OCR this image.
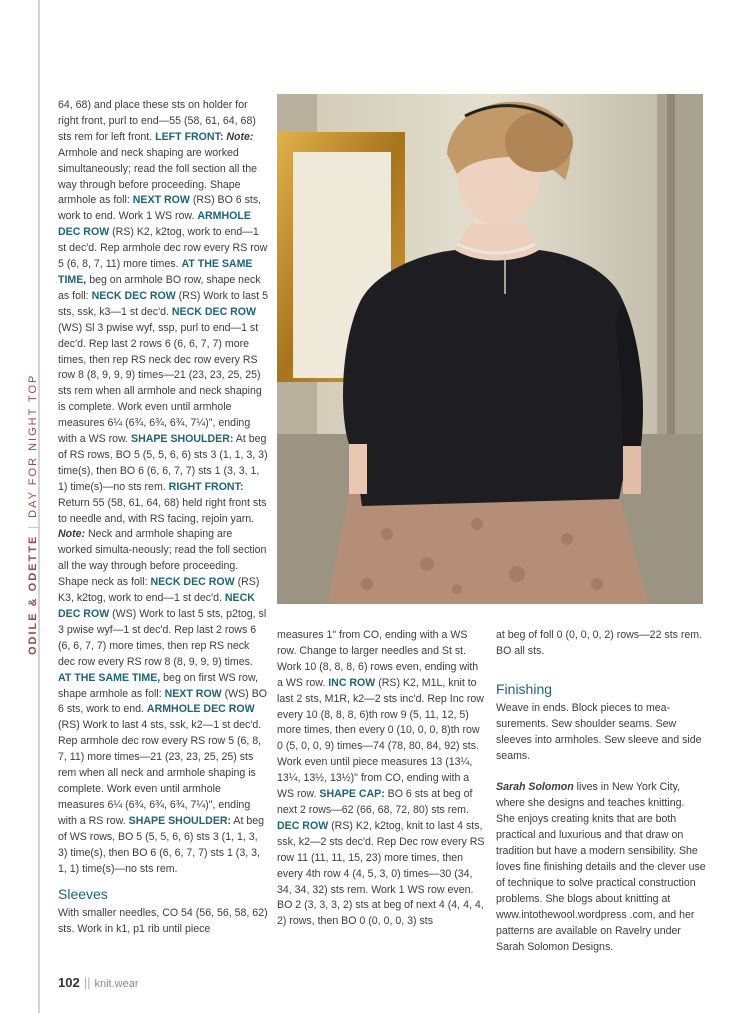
ODILE & ODETTE|DAY FOR NIGHT TOP

64, 68) and place these sts on holder for right front, purl to end—55 (58, 61, 64, 68) sts rem for left front. LEFT FRONT: Note: Armhole and neck shaping are worked simultaneously; read the foll section all the way through before proceeding. Shape armhole as foll: NEXT ROW (RS) BO 6 sts, work to end. Work 1 WS row. ARMHOLE DEC ROW (RS) K2, k2tog, work to end—1 st dec'd. Rep armhole dec row every RS row 5 (6, 8, 7, 11) more times. AT THE SAME TIME, beg on armhole BO row, shape neck as foll: NECK DEC ROW (RS) Work to last 5 sts, ssk, k3—1 st dec'd. NECK DEC ROW (WS) Sl 3 pwise wyf, ssp, purl to end—1 st dec'd. Rep last 2 rows 6 (6, 6, 7, 7) more times, then rep RS neck dec row every RS row 8 (8, 9, 9, 9) times—21 (23, 23, 25, 25) sts rem when all armhole and neck shaping is complete. Work even until armhole measures 6¼ (6¾, 6¾, 6¾, 7¼)", ending with a WS row. SHAPE SHOULDER: At beg of RS rows, BO 5 (5, 5, 6, 6) sts 3 (1, 1, 3, 3) time(s), then BO 6 (6, 6, 7, 7) sts 1 (3, 3, 1, 1) time(s)—no sts rem. RIGHT FRONT: Return 55 (58, 61, 64, 68) held right front sts to needle and, with RS facing, rejoin yarn. Note: Neck and armhole shaping are worked simulta-neously; read the foll section all the way through before proceeding. Shape neck as foll: NECK DEC ROW (RS) K3, k2tog, work to end—1 st dec'd. NECK DEC ROW (WS) Work to last 5 sts, p2tog, sl 3 pwise wyf—1 st dec'd. Rep last 2 rows 6 (6, 6, 7, 7) more times, then rep RS neck dec row every RS row 8 (8, 9, 9, 9) times. AT THE SAME TIME, beg on first WS row, shape armhole as foll: NEXT ROW (WS) BO 6 sts, work to end. ARMHOLE DEC ROW (RS) Work to last 4 sts, ssk, k2—1 st dec'd. Rep armhole dec row every RS row 5 (6, 8, 7, 11) more times—21 (23, 23, 25, 25) sts rem when all neck and armhole shaping is complete. Work even until armhole measures 6¼ (6¾, 6¾, 6¾, 7¼)", ending with a RS row. SHAPE SHOULDER: At beg of WS rows, BO 5 (5, 5, 6, 6) sts 3 (1, 1, 3, 3) time(s), then BO 6 (6, 6, 7, 7) sts 1 (3, 3, 1, 1) time(s)—no sts rem.

Sleeves

With smaller needles, CO 54 (56, 56, 58, 62) sts. Work in k1, p1 rib until piece

measures 1" from CO, ending with a WS row. Change to larger needles and St st. Work 10 (8, 8, 8, 6) rows even, ending with a WS row. INC ROW (RS) K2, M1L, knit to last 2 sts, M1R, k2—2 sts inc'd. Rep Inc row every 10 (8, 8, 8, 6)th row 9 (5, 11, 12, 5) more times, then every 0 (10, 0, 0, 8)th row 0 (5, 0, 0, 9) times—74 (78, 80, 84, 92) sts. Work even until piece measures 13 (13¼, 13¼, 13½, 13½)" from CO, ending with a WS row. SHAPE CAP: BO 6 sts at beg of next 2 rows—62 (66, 68, 72, 80) sts rem. DEC ROW (RS) K2, k2tog, knit to last 4 sts, ssk, k2—2 sts dec'd. Rep Dec row every RS row 11 (11, 11, 15, 23) more times, then every 4th row 4 (4, 5, 3, 0) times—30 (34, 34, 34, 32) sts rem. Work 1 WS row even. BO 2 (3, 3, 3, 2) sts at beg of next 4 (4, 4, 4, 2) rows, then BO 0 (0, 0, 0, 3) sts

at beg of foll 0 (0, 0, 0, 2) rows—22 sts rem. BO all sts.

Finishing

Weave in ends. Block pieces to mea-surements. Sew shoulder seams. Sew sleeves into armholes. Sew sleeve and side seams.

Sarah Solomon lives in New York City, where she designs and teaches knitting. She enjoys creating knits that are both practical and luxurious and that draw on tradition but have a modern sensibility. She loves fine finishing details and the clever use of technique to solve practical construction problems. She blogs about knitting at www.intothewool.wordpress .com, and her patterns are available on Ravelry under Sarah Solomon Designs.

102 || knit.wear
